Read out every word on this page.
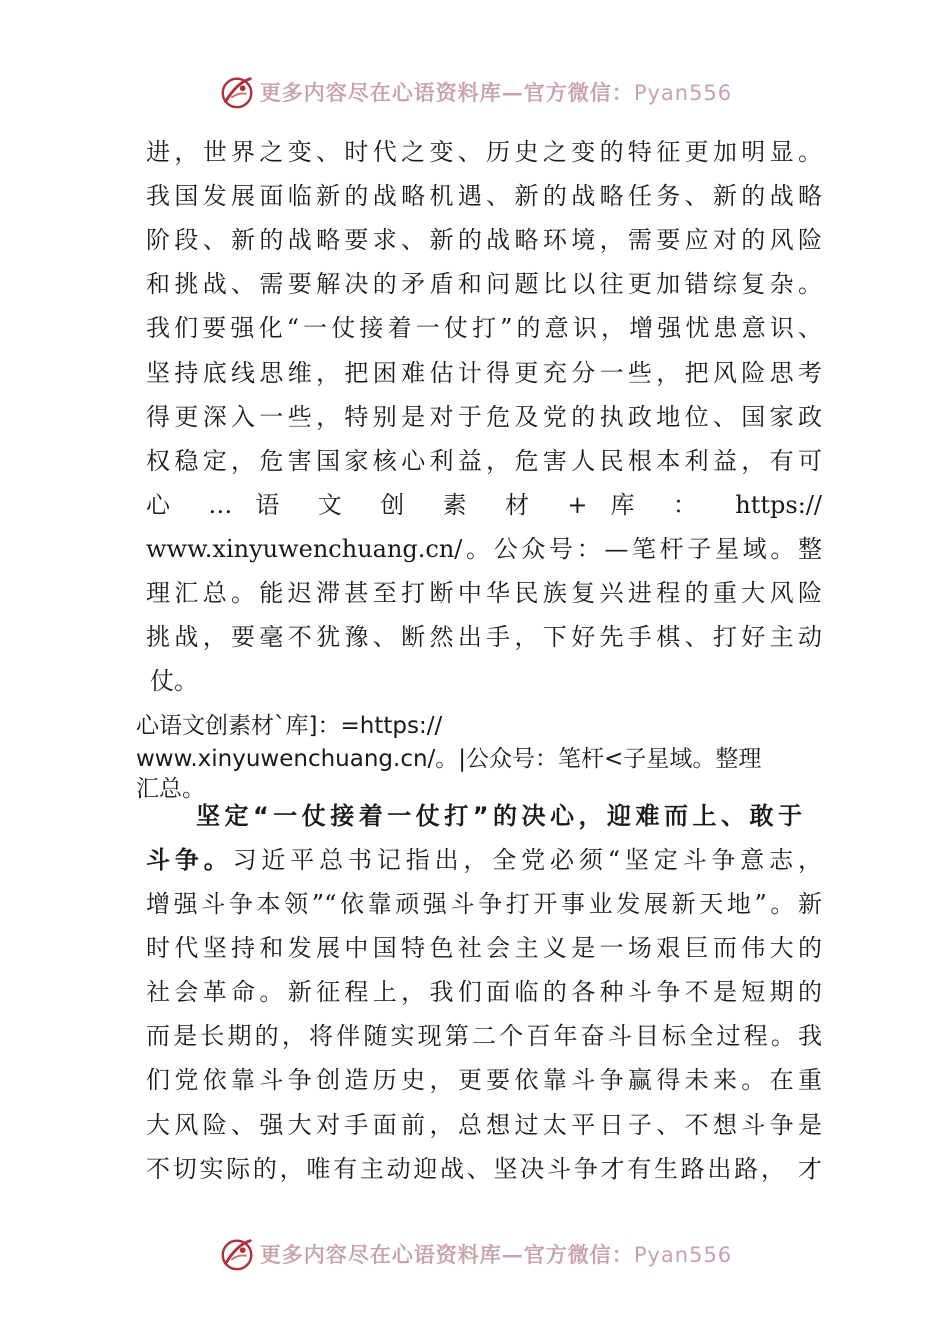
更多内容尽在心语资料库—官方微信：Pyan556
进，世界之变、时代之变、历史之变的特征更加明显。
我国发展面临新的战略机遇、新的战略任务、新的战略
阶段、新的战略要求、新的战略环境，需要应对的风险
和挑战、需要解决的矛盾和问题比以往更加错综复杂。
我们要强化“一仗接着一仗打”的意识，增强忧患意识、
坚持底线思维，把困难估计得更充分一些，把风险思考
得更深入一些，特别是对于危及党的执政地位、国家政
权稳定，危害国家核心利益，危害人民根本利益，有可
心 … 语 文 创 素 材 + 库 ： https://
www.xinyuwenchuang.cn/。公众号：—笔杆子星域。整
理汇总。能迟滞甚至打断中华民族复兴进程的重大风险
挑战，要毫不犹豫、断然出手，下好先手棋、打好主动
仗。
心语文创素材`库]：=https://
www.xinyuwenchuang.cn/。|公众号：笔杆<子星域。整理
汇总。
坚定“一仗接着一仗打”的决心，迎难而上、敢于
斗争。习近平总书记指出，全党必须“坚定斗争意志，
增强斗争本领”“依靠顽强斗争打开事业发展新天地”。新
时代坚持和发展中国特色社会主义是一场艰巨而伟大的
社会革命。新征程上，我们面临的各种斗争不是短期的
而是长期的，将伴随实现第二个百年奋斗目标全过程。我
们党依靠斗争创造历史，更要依靠斗争赢得未来。在重
大风险、强大对手面前，总想过太平日子、不想斗争是
不切实际的，唯有主动迎战、坚决斗争才有生路出路， 才
更多内容尽在心语资料库—官方微信：Pyan556
